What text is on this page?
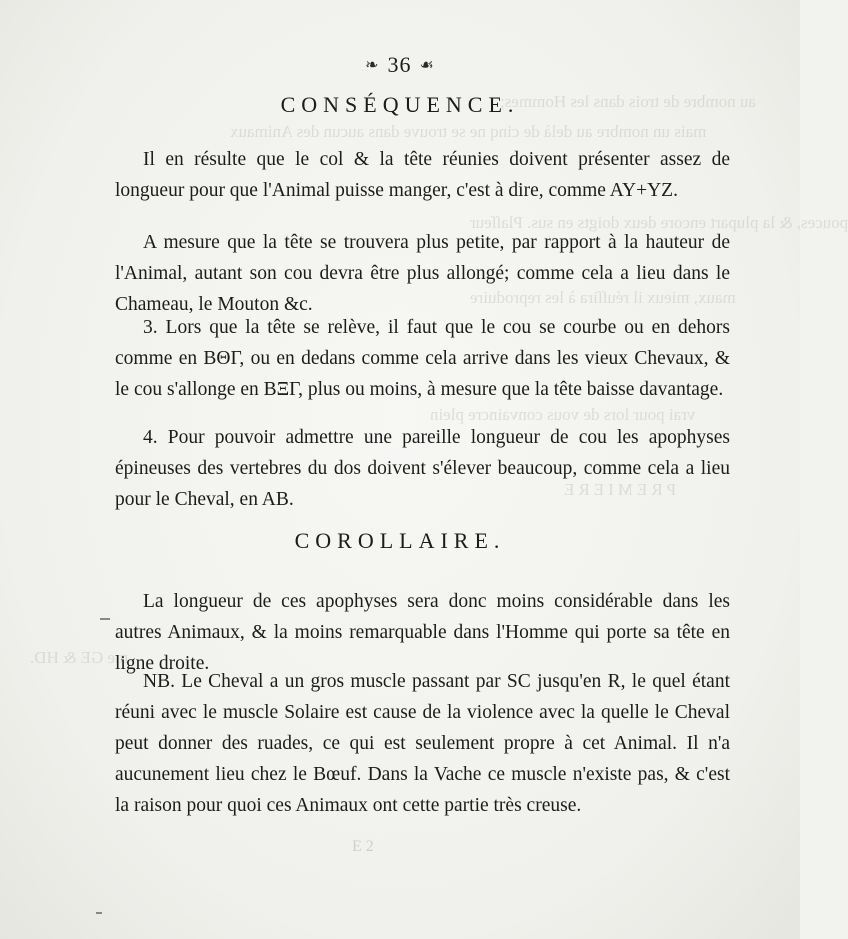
au nombre de trois dans les Hommes;
mais un nombre au delà de cinq ne se trouve dans aucun des Animaux
pouces, & la plupart encore deux doigts en sus. Plaſſeur
maux, mieux il réuſſira à les reproduire
vrai pour lors de vous convaincre plein
PREMIERE
me GE & HD.
❧ 36 ☙
CONSÉQUENCE.

Il en résulte que le col & la tête réunies doivent présenter assez de longueur pour que l'Animal puisse manger, c'est à dire, comme AY+YZ.

A mesure que la tête se trouvera plus petite, par rapport à la hauteur de l'Animal, autant son cou devra être plus allongé; comme cela a lieu dans le Chameau, le Mouton &c.

3. Lors que la tête se relève, il faut que le cou se courbe ou en dehors comme en BΘΓ, ou en dedans comme cela arrive dans les vieux Chevaux, & le cou s'allonge en BΞΓ, plus ou moins, à mesure que la tête baisse davantage.

4. Pour pouvoir admettre une pareille longueur de cou les apophyses épineuses des vertebres du dos doivent s'élever beaucoup, comme cela a lieu pour le Cheval, en AB.

COROLLAIRE.

La longueur de ces apophyses sera donc moins considérable dans les autres Animaux, & la moins remarquable dans l'Homme qui porte sa tête en ligne droite.

NB. Le Cheval a un gros muscle passant par SC jusqu'en R, le quel étant réuni avec le muscle Solaire est cause de la violence avec la quelle le Cheval peut donner des ruades, ce qui est seulement propre à cet Animal. Il n'a aucunement lieu chez le Bœuf. Dans la Vache ce muscle n'existe pas, & c'est la raison pour quoi ces Animaux ont cette partie très creuse.

E 2
